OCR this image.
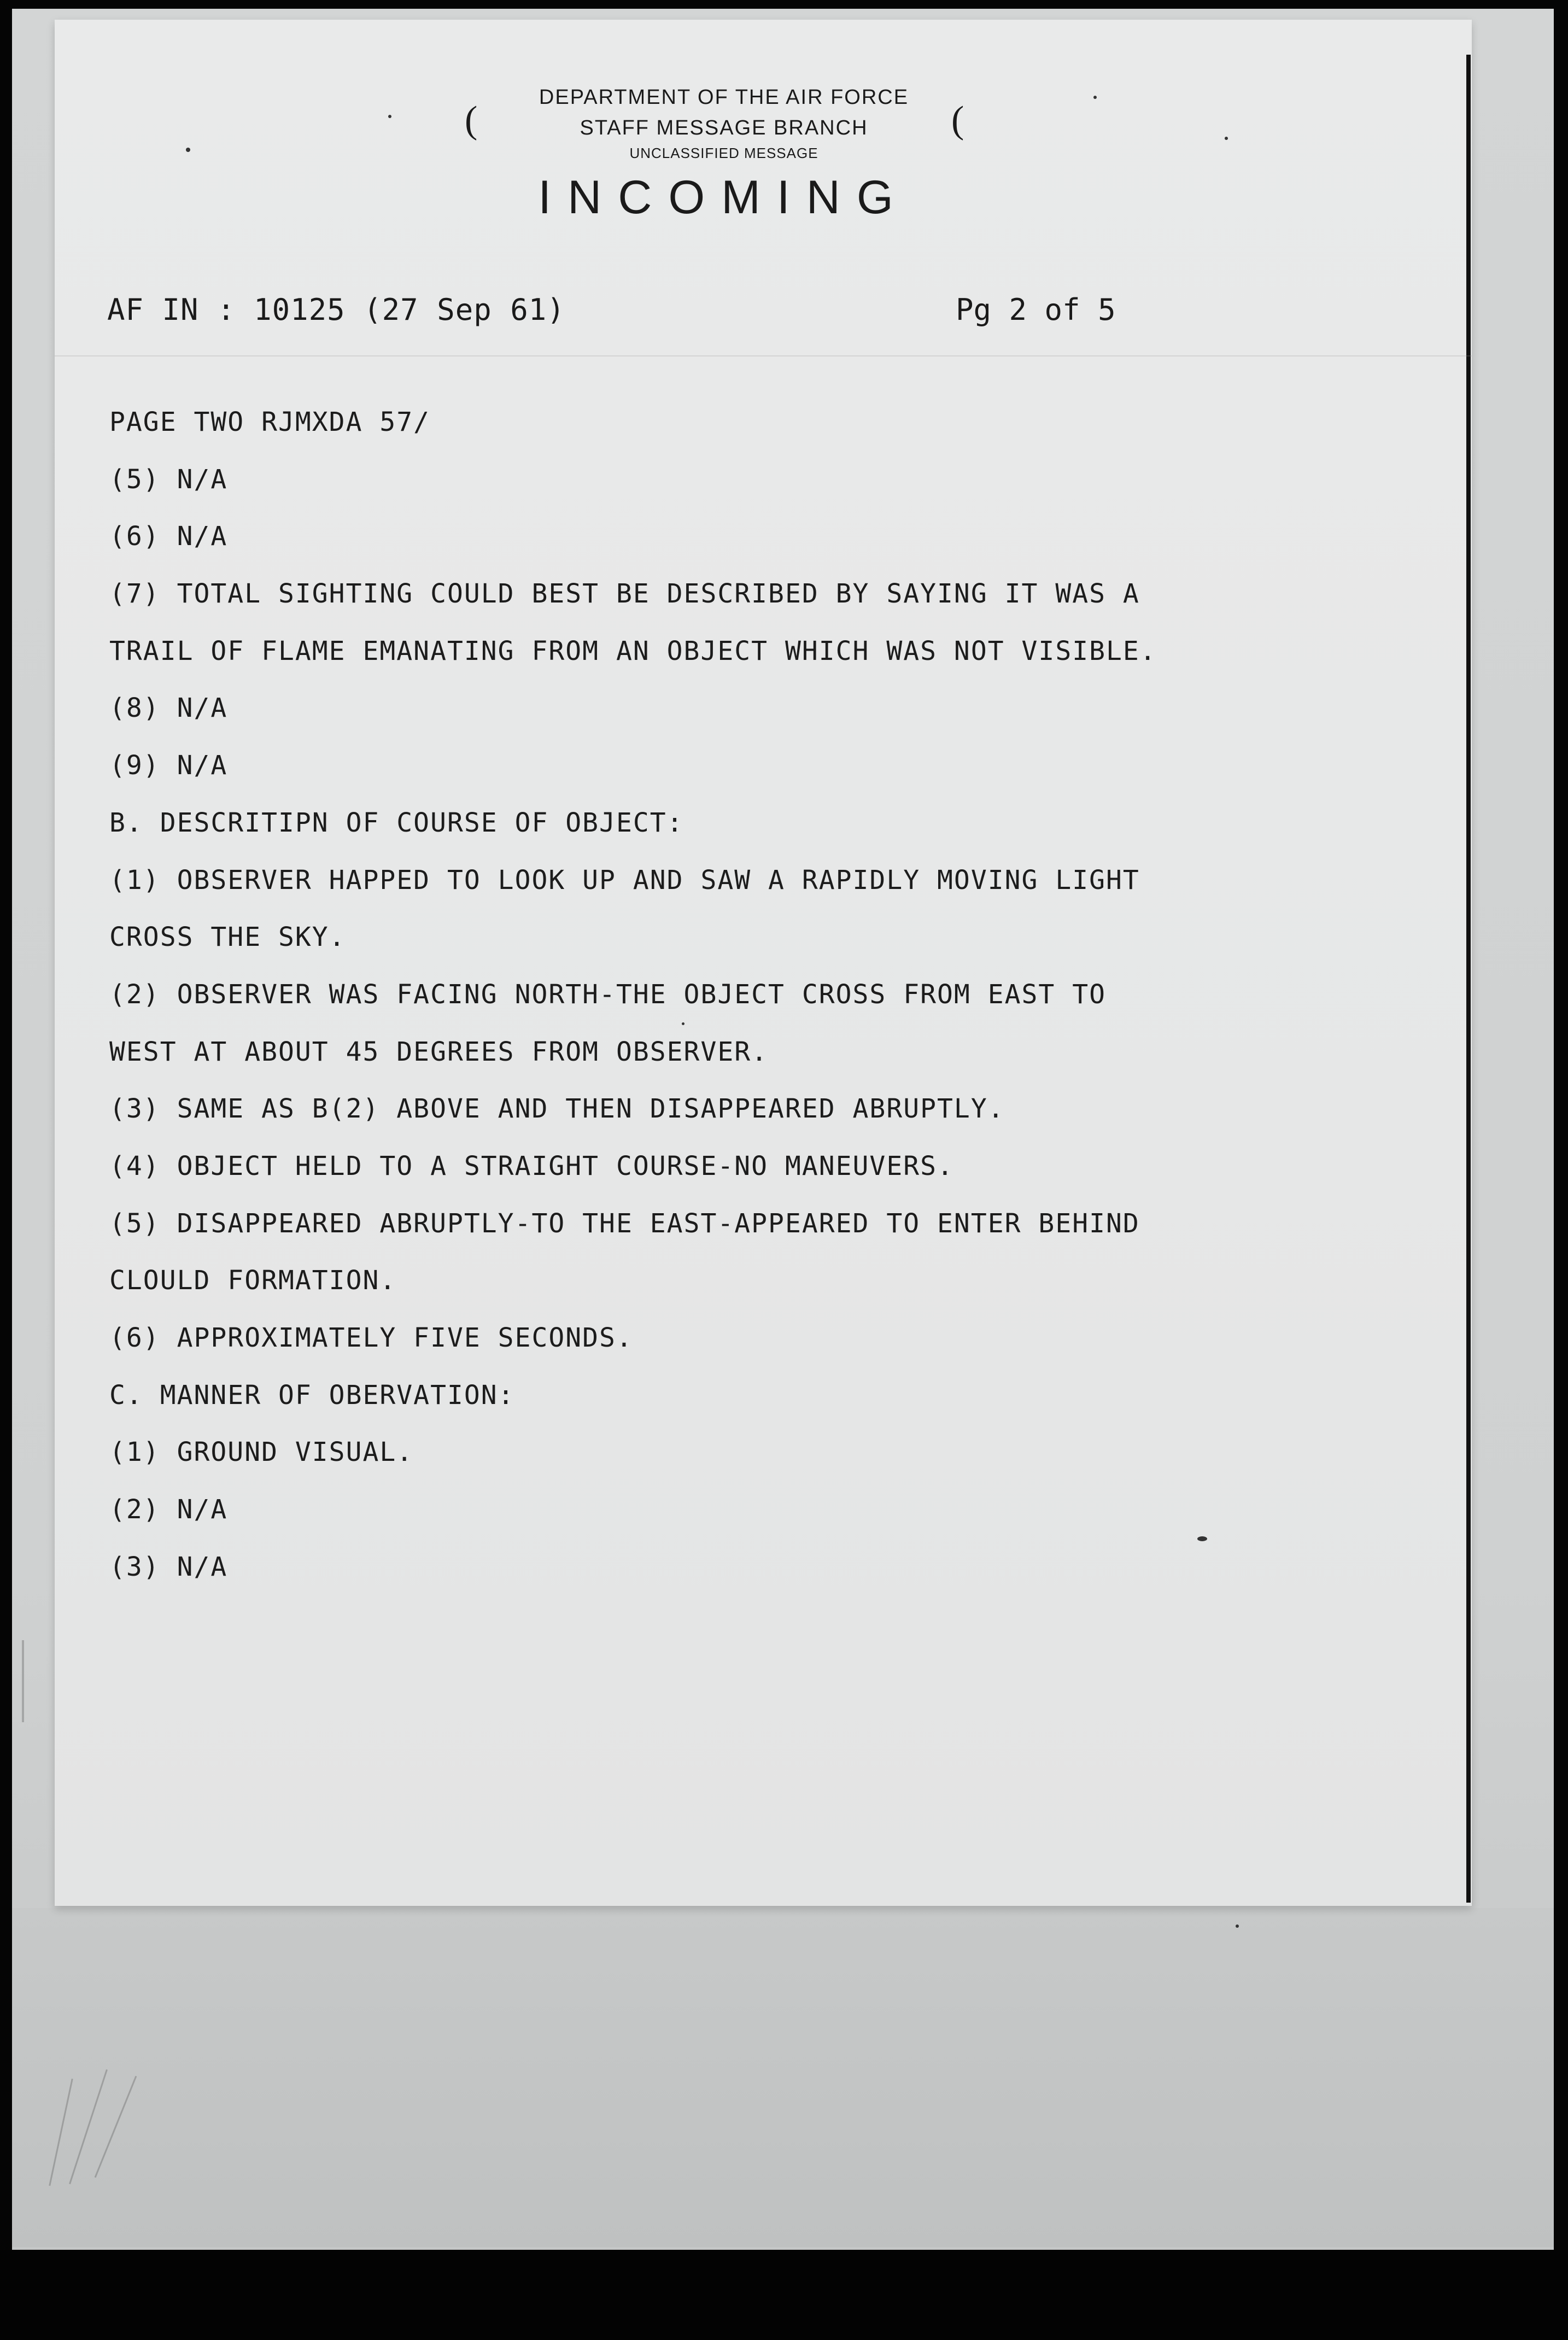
(	(
DEPARTMENT OF THE AIR FORCE
STAFF MESSAGE BRANCH
UNCLASSIFIED MESSAGE
INCOMING
AF IN : 10125 (27 Sep 61)	Pg 2 of 5
PAGE TWO RJMXDA 57/
(5) N/A
(6) N/A
(7) TOTAL SIGHTING COULD BEST BE DESCRIBED BY SAYING IT WAS A
TRAIL OF FLAME EMANATING FROM AN OBJECT WHICH WAS NOT VISIBLE.
(8) N/A
(9) N/A
B. DESCRITIPN OF COURSE OF OBJECT:
(1) OBSERVER HAPPED TO LOOK UP AND SAW A RAPIDLY MOVING LIGHT
CROSS THE SKY.
(2) OBSERVER WAS FACING NORTH-THE OBJECT CROSS FROM EAST TO
WEST AT ABOUT 45 DEGREES FROM OBSERVER.
(3) SAME AS B(2) ABOVE AND THEN DISAPPEARED ABRUPTLY.
(4) OBJECT HELD TO A STRAIGHT COURSE-NO MANEUVERS.
(5) DISAPPEARED ABRUPTLY-TO THE EAST-APPEARED TO ENTER BEHIND
CLOULD FORMATION.
(6) APPROXIMATELY FIVE SECONDS.
C. MANNER OF OBERVATION:
(1) GROUND VISUAL.
(2) N/A
(3) N/A
